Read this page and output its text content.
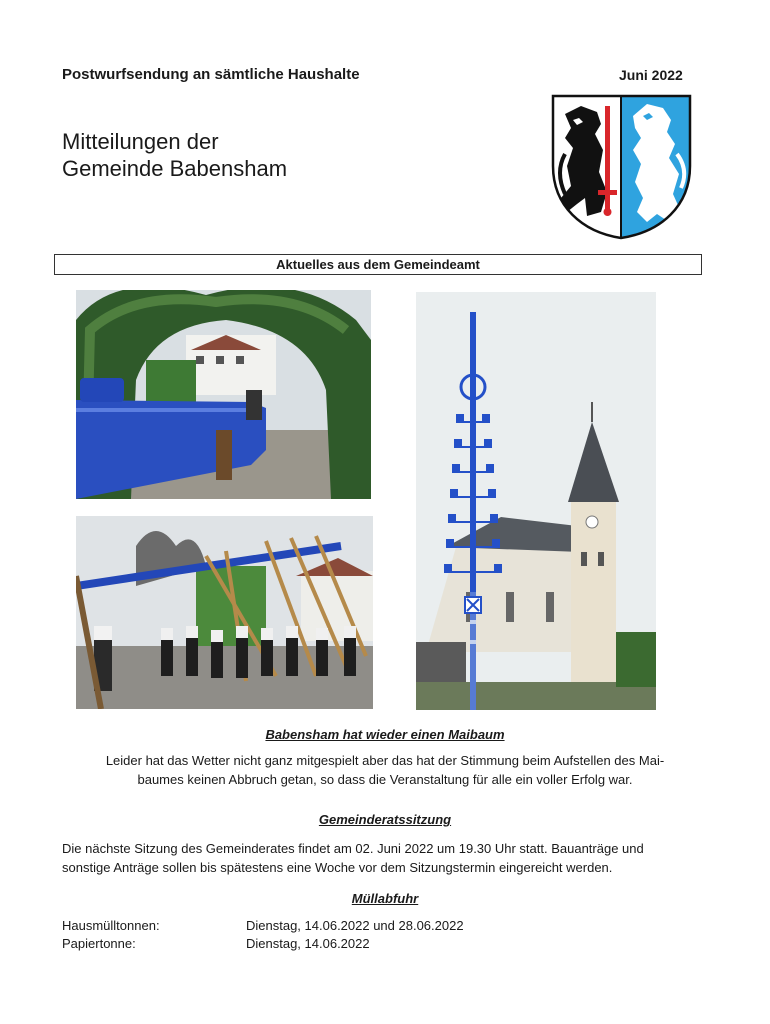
Postwurfsendung an sämtliche Haushalte	Juni 2022
Mitteilungen der
Gemeinde Babensham
Aktuelles aus dem Gemeindeamt
Babensham hat wieder einen Maibaum
Leider hat das Wetter nicht ganz mitgespielt aber das hat der Stimmung beim Aufstellen des Mai-
baumes keinen Abbruch getan, so dass die Veranstaltung für alle ein voller Erfolg war.
Gemeinderatssitzung
Die nächste Sitzung des Gemeinderates findet am 02. Juni 2022 um 19.30 Uhr statt. Bauanträge und
sonstige Anträge sollen bis spätestens eine Woche vor dem Sitzungstermin eingereicht werden.
Müllabfuhr
Hausmülltonnen:	Dienstag, 14.06.2022 und 28.06.2022
Papiertonne:	Dienstag, 14.06.2022
